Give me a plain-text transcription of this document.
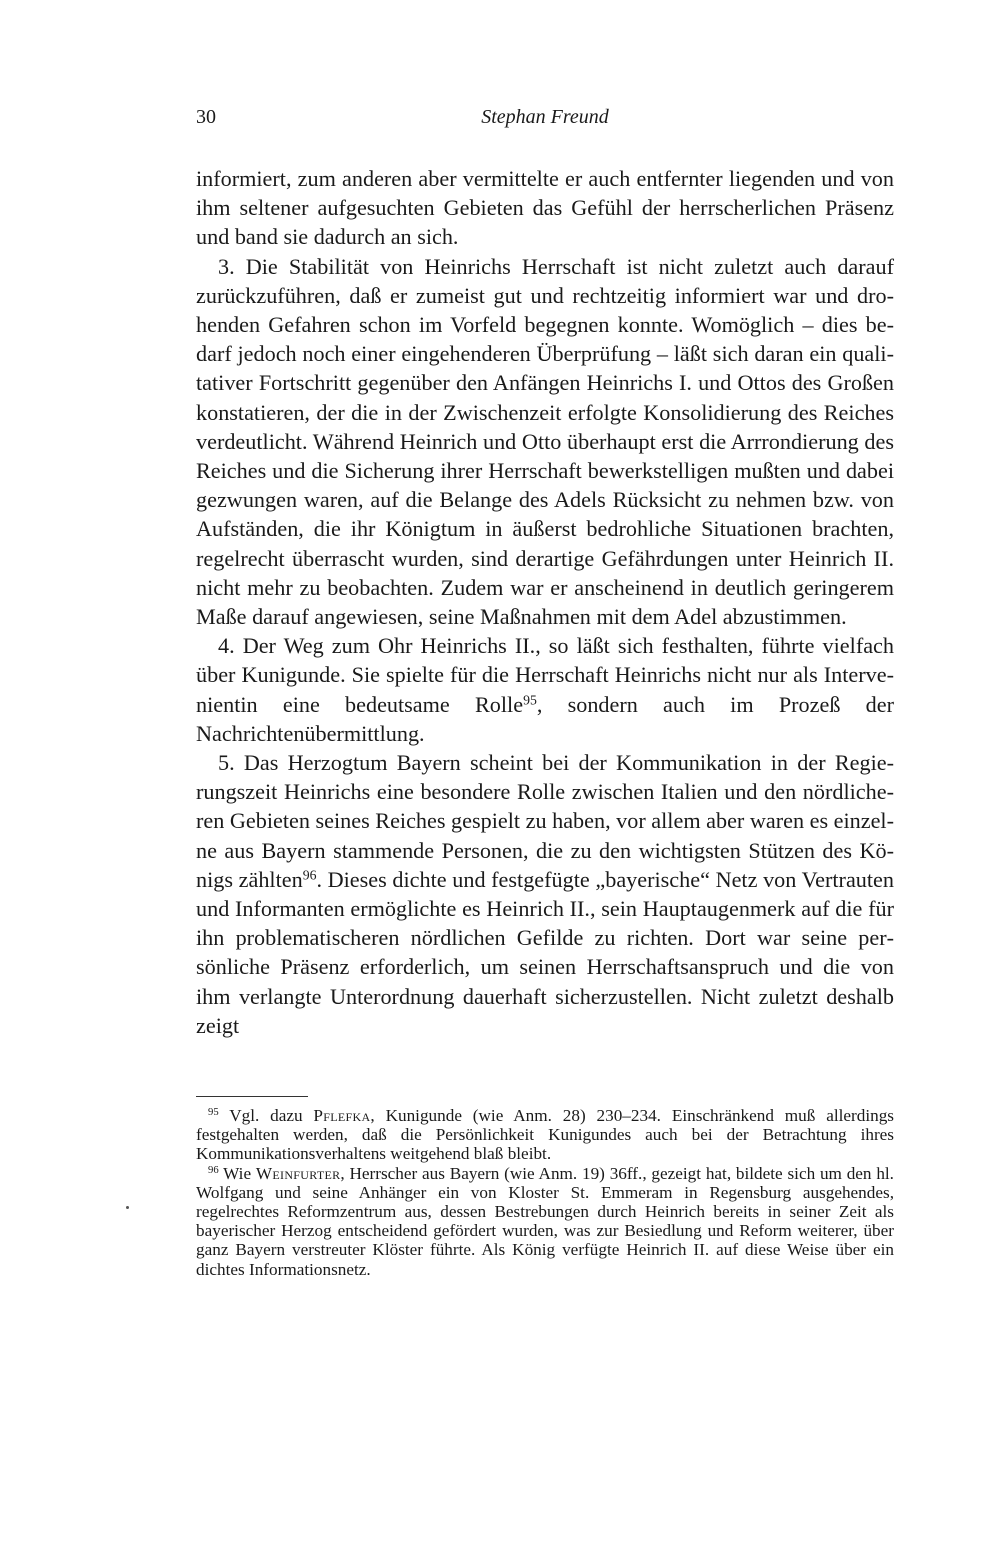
30	Stephan Freund

informiert, zum anderen aber vermittelte er auch entfernter liegenden und von ihm seltener aufgesuchten Gebieten das Gefühl der herrscherlichen Präsenz und band sie dadurch an sich.

3. Die Stabilität von Heinrichs Herrschaft ist nicht zuletzt auch darauf zurückzuführen, daß er zumeist gut und rechtzeitig informiert war und drohenden Gefahren schon im Vorfeld begegnen konnte. Womöglich – dies bedarf jedoch noch einer eingehenderen Überprüfung – läßt sich daran ein qualitativer Fortschritt gegenüber den Anfängen Heinrichs I. und Ottos des Großen konstatieren, der die in der Zwischenzeit erfolgte Konsolidierung des Reiches verdeutlicht. Während Heinrich und Otto überhaupt erst die Arrrondierung des Reiches und die Sicherung ihrer Herrschaft bewerkstelligen mußten und dabei gezwungen waren, auf die Belange des Adels Rücksicht zu nehmen bzw. von Aufständen, die ihr Königtum in äußerst bedrohliche Situationen brachten, regelrecht überrascht wurden, sind derartige Gefährdungen unter Heinrich II. nicht mehr zu beobachten. Zudem war er anscheinend in deutlich geringerem Maße darauf angewiesen, seine Maßnahmen mit dem Adel abzustimmen.

4. Der Weg zum Ohr Heinrichs II., so läßt sich festhalten, führte vielfach über Kunigunde. Sie spielte für die Herrschaft Heinrichs nicht nur als Intervenientin eine bedeutsame Rolle$^{95}$, sondern auch im Prozeß der Nachrichtenübermittlung.

5. Das Herzogtum Bayern scheint bei der Kommunikation in der Regierungszeit Heinrichs eine besondere Rolle zwischen Italien und den nördlicheren Gebieten seines Reiches gespielt zu haben, vor allem aber waren es einzelne aus Bayern stammende Personen, die zu den wichtigsten Stützen des Königs zählten$^{96}$. Dieses dichte und festgefügte „bayerische“ Netz von Vertrauten und Informanten ermöglichte es Heinrich II., sein Hauptaugenmerk auf die für ihn problematischeren nördlichen Gefilde zu richten. Dort war seine persönliche Präsenz erforderlich, um seinen Herrschaftsanspruch und die von ihm verlangte Unterordnung dauerhaft sicherzustellen. Nicht zuletzt deshalb zeigt

$^{95}$ Vgl. dazu Pflefka, Kunigunde (wie Anm. 28) 230–234. Einschränkend muß allerdings festgehalten werden, daß die Persönlichkeit Kunigundes auch bei der Betrachtung ihres Kommunikationsverhaltens weitgehend blaß bleibt.

$^{96}$ Wie Weinfurter, Herrscher aus Bayern (wie Anm. 19) 36ff., gezeigt hat, bildete sich um den hl. Wolfgang und seine Anhänger ein von Kloster St. Emmeram in Regensburg ausgehendes, regelrechtes Reformzentrum aus, dessen Bestrebungen durch Heinrich bereits in seiner Zeit als bayerischer Herzog entscheidend gefördert wurden, was zur Besiedlung und Reform weiterer, über ganz Bayern verstreuter Klöster führte. Als König verfügte Heinrich II. auf diese Weise über ein dichtes Informationsnetz.
